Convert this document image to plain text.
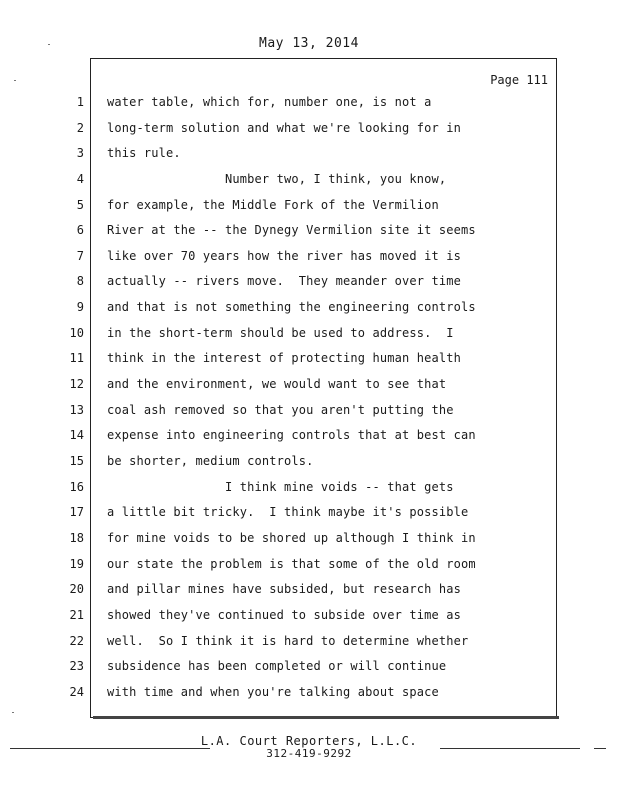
May 13, 2014
Page 111
1 water table, which for, number one, is not a
2 long-term solution and what we're looking for in
3 this rule.
4 Number two, I think, you know,
5 for example, the Middle Fork of the Vermilion
6 River at the -- the Dynegy Vermilion site it seems
7 like over 70 years how the river has moved it is
8 actually -- rivers move.  They meander over time
9 and that is not something the engineering controls
10 in the short-term should be used to address.  I
11 think in the interest of protecting human health
12 and the environment, we would want to see that
13 coal ash removed so that you aren't putting the
14 expense into engineering controls that at best can
15 be shorter, medium controls.
16 I think mine voids -- that gets
17 a little bit tricky.  I think maybe it's possible
18 for mine voids to be shored up although I think in
19 our state the problem is that some of the old room
20 and pillar mines have subsided, but research has
21 showed they've continued to subside over time as
22 well.  So I think it is hard to determine whether
23 subsidence has been completed or will continue
24 with time and when you're talking about space
L.A. Court Reporters, L.L.C.
312-419-9292
